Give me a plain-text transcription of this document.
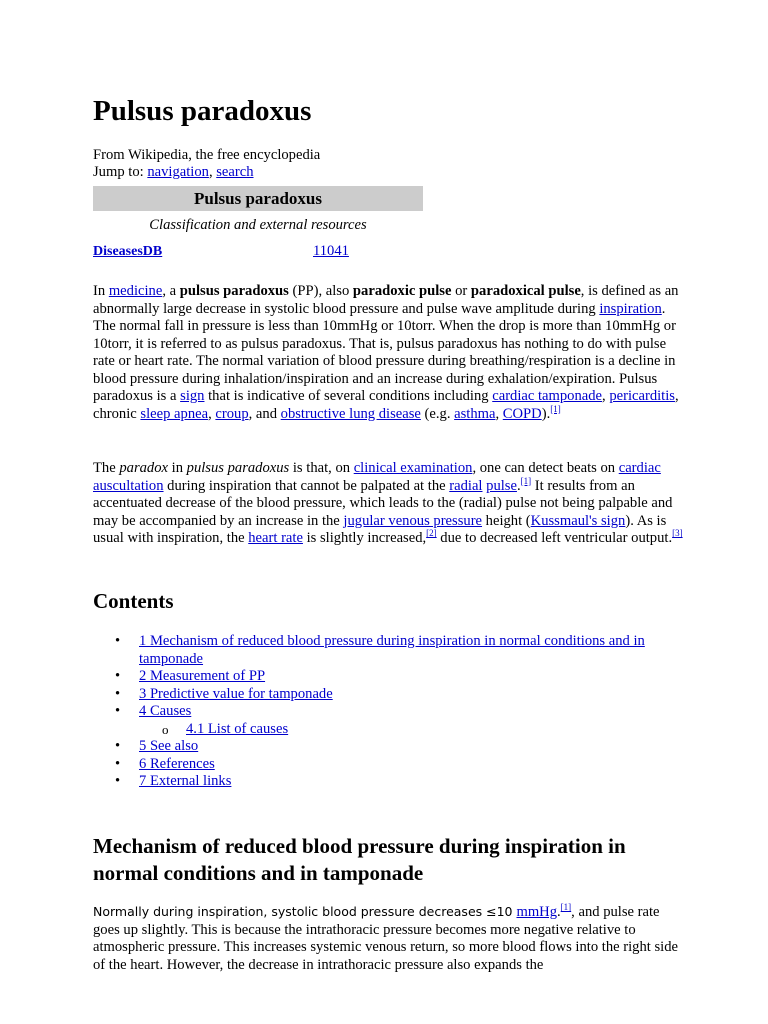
Pulsus paradoxus

From Wikipedia, the free encyclopedia

Jump to: navigation, search

Pulsus paradoxus
Classification and external resources
DiseasesDB	11041

In medicine, a pulsus paradoxus (PP), also paradoxic pulse or paradoxical pulse, is defined as an abnormally large decrease in systolic blood pressure and pulse wave amplitude during inspiration. The normal fall in pressure is less than 10mmHg or 10torr. When the drop is more than 10mmHg or 10torr, it is referred to as pulsus paradoxus. That is, pulsus paradoxus has nothing to do with pulse rate or heart rate. The normal variation of blood pressure during breathing/respiration is a decline in blood pressure during inhalation/inspiration and an increase during exhalation/expiration. Pulsus paradoxus is a sign that is indicative of several conditions including cardiac tamponade, pericarditis, chronic sleep apnea, croup, and obstructive lung disease (e.g. asthma, COPD).[1]

The paradox in pulsus paradoxus is that, on clinical examination, one can detect beats on cardiac auscultation during inspiration that cannot be palpated at the radial pulse.[1] It results from an accentuated decrease of the blood pressure, which leads to the (radial) pulse not being palpable and may be accompanied by an increase in the jugular venous pressure height (Kussmaul's sign). As is usual with inspiration, the heart rate is slightly increased,[2] due to decreased left ventricular output.[3]

Contents
• 1 Mechanism of reduced blood pressure during inspiration in normal conditions and in tamponade
• 2 Measurement of PP
• 3 Predictive value for tamponade
• 4 Causes
o 4.1 List of causes
• 5 See also
• 6 References
• 7 External links
Mechanism of reduced blood pressure during inspiration in normal conditions and in tamponade

Normally during inspiration, systolic blood pressure decreases ≤10 mmHg.[1], and pulse rate goes up slightly. This is because the intrathoracic pressure becomes more negative relative to atmospheric pressure. This increases systemic venous return, so more blood flows into the right side of the heart. However, the decrease in intrathoracic pressure also expands the
